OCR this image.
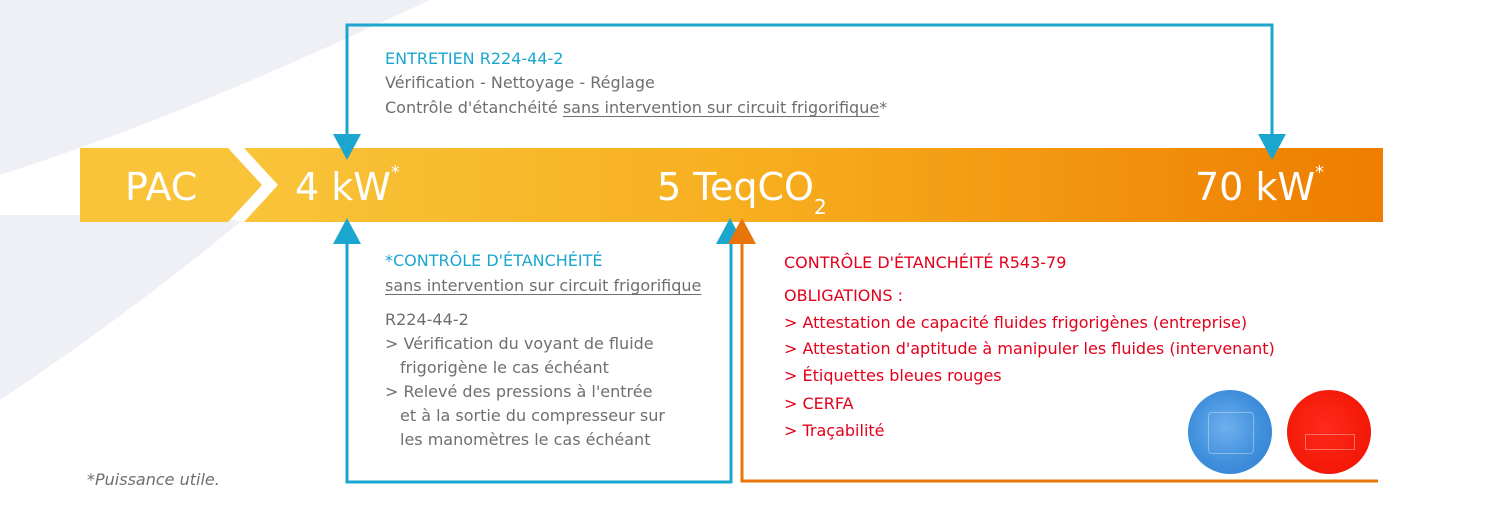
PAC	4 kW*	5 TeqCO$_2$	70 kW*
ENTRETIEN R224-44-2
Vérification - Nettoyage - Réglage
Contrôle d'étanchéité sans intervention sur circuit frigorifique*
*CONTRÔLE D'ÉTANCHÉITÉ
sans intervention sur circuit frigorifique
R224-44-2
> Vérification du voyant de fluide
frigorigène le cas échéant
> Relevé des pressions à l'entrée
et à la sortie du compresseur sur
les manomètres le cas échéant
CONTRÔLE D'ÉTANCHÉITÉ R543-79
OBLIGATIONS :
> Attestation de capacité fluides frigorigènes (entreprise)
> Attestation d'aptitude à manipuler les fluides (intervenant)
> Étiquettes bleues rouges
> CERFA
> Traçabilité
*Puissance utile.
